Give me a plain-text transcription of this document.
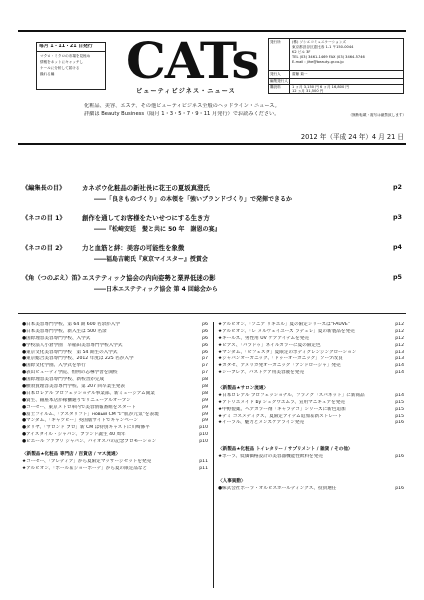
毎月 1・11・21 日発行
マクロ・ミクロの市場を見極め
情報をネットにキャッチし
ケールに分析して届ける
繰れる編	CATs
ビューティビジネス・ニュース
発行所	(株) ソシエコミュニケーションズ
東京都渋谷区恵比寿 1-1 〒150-0044
K2 ビル 3F
TEL (03) 3461-1469 FAX (03) 3464-5746
E-mail : jihe@beauty-gr.co.jp
発行人	齋藤 菊一
編集発行人
購読料	1 ヵ月 3,150 円 6 ヵ月 16,800 円
12 ヵ月 31,500 円
化粧品、美容、エステ、その他ビューティビジネス全般のヘッドライン・ニュース。
詳細は Beauty Business（隔月 1・3・5・7・9・11 月発行）でお読みください。	（無断転載・複写は厳禁致します）
2012 年（平成 24 年）4 月 21 日
《編集長の目》	カネボウ化粧品の新社長に花王の夏坂真澄氏
――「良きものづくり」の本領を「強いブランドづくり」で発揮できるか
p2
《ネコの目 1》	創作を通してお客様をたいせつにする生き方
――『松崎安廷　髪と共に 50 年　謝恩の宴』
p3
《ネコの目 2》	力と血筋と絆：美容の可能性を象徴
――福島吉範氏『東京マイスター』授賞会
p4
《角（つのぶえ）笛》
エステティック協会の内向姿勢と業界低迷の影
――日本エステティック協会 第 4 回総会から
p5
●日本美容専門学校、第 64 期 600 名余が入学	p6
●日本美容専門学校、新入生は 500 名余	p6
●国際理容美容専門学校、入学式	p6
●学校法人小倉学園　早稲田美容専門学校入学式	p6
●東京文化美容専門学校　第 54 期生の入学式	p6
●東京総合美容専門学校、2012 年度は 225 名が入学	p7
●国際文化学園、入学式を挙行	p7
●表山ビューティ学院、恒例の志導学習を開校	p7
●国際理容美容専門学校、新校舎が完成	p8
●横須賀理容美容専門学校、第 207 回卒業生発表	p8
●日本ロレアル プロフェッショナル事業部、新ミュージアム開業	p8
●資生、銀座本店が稼働通りでリニューアルオープン	p9
●コーセー、東京メトロ車内で美容情報番組をスタート	p9
●富士フイルム、「アスタリフト」новый CM で“肌が元気”を表現	p9
●マンダム、「ギャツビー」英国版サイトでキャンペーン	p9
●ダリヤ、「サロンド ブロ」新 CM は特別キャストに川崎修平	p10
●アイスタイル・ジャパン、ブランド誕生 40 周年	p10
●ピエール ファブリ ジャパン、バイオスパの記念プロモーション	p10
〈新製品★化粧品 専門店 / 百貨店 / マス流通〉
★コーセー、「プレディア」から夏限定マッサージセットを発売	p11
★アルビオン、「ボール＆ジョーボーテ」から夏の限定品など	p11
★アルビオン、「ソニア リキエル」夏の限定シリーズは“FAUVE”	p12
★アルビオン、「レ メルヴェイユーズ ラデュレ」夏の新製品を発売	p12
★キールズ、男性用 UV ケアアイテムを発売	p12
★ピアス、「パラドゥ」ネイルカラーに夏の限定色	p12
★マンダム、「ビフェスタ」夏限定のボディクレンジングローション	p13
★ジャパンオーガニック、「ドゥーオーガニック」ソープ改良	p13
★カタセ、アメリカ発オーガニック「アンドロージャ」発売	p14
★シーブレア、バストケア用美容液を発売	p14
〈新製品★サロン流通〉
★日本ロレアル プロフェッショナル、フラノク「スパネット」に新商品	p14
★アトリエメイド by シュクウエムラ、宣用マニキュアを発売	p15
★中野製薬、ヘアカラー剤「キャラデコ」シリーズに新色追加	p15
★デミ コスメティクス、夏限定アイテム追加＆新ストレート	p15
★イーラル、魅力とメンズケアライン発売	p16
〈新製品★化粧品 トイレタリー / サプリメント / 雑貨 / その他〉
★ポーラ、低価価格設計の美容器機能性飲料を発売	p16
〈人事異動〉
●株式会社ポーラ・オルビスホールディングス、役員選任	p16
